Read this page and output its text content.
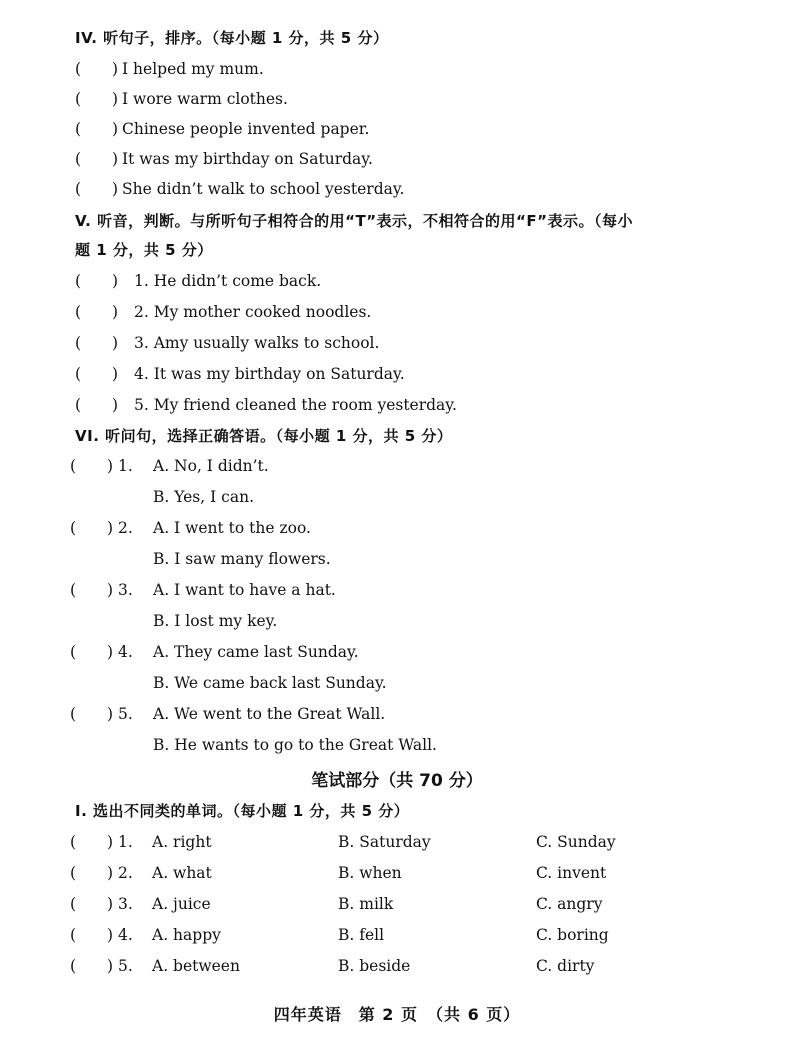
IV. 听句子，排序。（每小题 1 分，共 5 分）
(　　) I helped my mum.
(　　) I wore warm clothes.
(　　) Chinese people invented paper.
(　　) It was my birthday on Saturday.
(　　) She didn’t walk to school yesterday.
V. 听音，判断。与所听句子相符合的用“T”表示，不相符合的用“F”表示。（每小
题 1 分，共 5 分）
(　　) 1. He didn’t come back.
(　　) 2. My mother cooked noodles.
(　　) 3. Amy usually walks to school.
(　　) 4. It was my birthday on Saturday.
(　　) 5. My friend cleaned the room yesterday.
VI. 听问句，选择正确答语。（每小题 1 分，共 5 分）
(　　) 1. A. No, I didn’t.
B. Yes, I can.
(　　) 2. A. I went to the zoo.
B. I saw many flowers.
(　　) 3. A. I want to have a hat.
B. I lost my key.
(　　) 4. A. They came last Sunday.
B. We came back last Sunday.
(　　) 5. A. We went to the Great Wall.
B. He wants to go to the Great Wall.
笔试部分（共 70 分）
I. 选出不同类的单词。（每小题 1 分，共 5 分）
(　　) 1. A. right	B. Saturday	C. Sunday
(　　) 2. A. what	B. when	C. invent
(　　) 3. A. juice	B. milk	C. angry
(　　) 4. A. happy	B. fell	C. boring
(　　) 5. A. between	B. beside	C. dirty
四年英语　第 2 页　（共 6 页）
